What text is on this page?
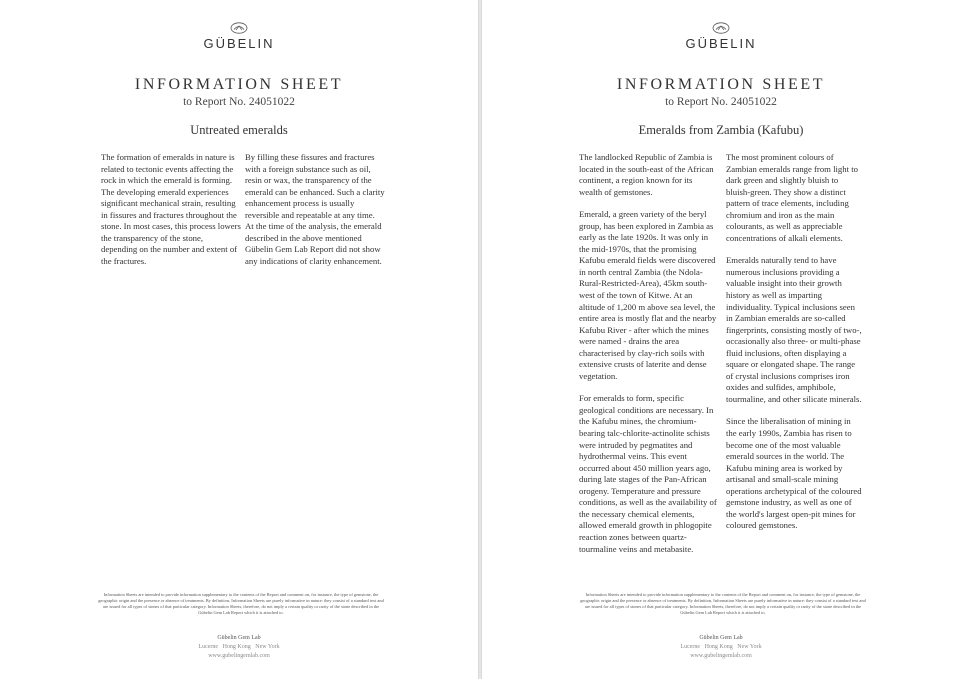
GÜBELIN
INFORMATION SHEET
to Report No. 24051022
Untreated emeralds

The formation of emeralds in nature is related to tectonic events affecting the rock in which the emerald is forming. The developing emerald experiences significant mechanical strain, resulting in fissures and fractures throughout the stone. In most cases, this process lowers the transparency of the stone, depending on the number and extent of the fractures.

By filling these fissures and fractures with a foreign substance such as oil, resin or wax, the transparency of the emerald can be enhanced. Such a clarity enhancement process is usually reversible and repeatable at any time. At the time of the analysis, the emerald described in the above mentioned Gübelin Gem Lab Report did not show any indications of clarity enhancement.

Information Sheets are intended to provide information supplementary to the contents of the Report and comment on, for instance, the type of gemstone, the geographic origin and the presence or absence of treatments. By definition, Information Sheets are purely informative in nature: they consist of a standard text and are issued for all types of stones of that particular category. Information Sheets, therefore, do not imply a certain quality or rarity of the stone described in the Gübelin Gem Lab Report which it is attached to.
Gübelin Gem Lab
Lucerne   Hong Kong   New York
www.gubelingemlab.com
GÜBELIN
INFORMATION SHEET
to Report No. 24051022
Emeralds from Zambia (Kafubu)

The landlocked Republic of Zambia is located in the south-east of the African continent, a region known for its wealth of gemstones.

Emerald, a green variety of the beryl group, has been explored in Zambia as early as the late 1920s. It was only in the mid-1970s, that the promising Kafubu emerald fields were discovered in north central Zambia (the Ndola-Rural-Restricted-Area), 45km south-west of the town of Kitwe. At an altitude of 1,200 m above sea level, the entire area is mostly flat and the nearby Kafubu River - after which the mines were named - drains the area characterised by clay-rich soils with extensive crusts of laterite and dense vegetation.

For emeralds to form, specific geological conditions are necessary. In the Kafubu mines, the chromium-bearing talc-chlorite-actinolite schists were intruded by pegmatites and hydrothermal veins. This event occurred about 450 million years ago, during late stages of the Pan-African orogeny. Temperature and pressure conditions, as well as the availability of the necessary chemical elements, allowed emerald growth in phlogopite reaction zones between quartz-tourmaline veins and metabasite.

The most prominent colours of Zambian emeralds range from light to dark green and slightly bluish to bluish-green. They show a distinct pattern of trace elements, including chromium and iron as the main colourants, as well as appreciable concentrations of alkali elements.

Emeralds naturally tend to have numerous inclusions providing a valuable insight into their growth history as well as imparting individuality. Typical inclusions seen in Zambian emeralds are so-called fingerprints, consisting mostly of two-, occasionally also three- or multi-phase fluid inclusions, often displaying a square or elongated shape. The range of crystal inclusions comprises iron oxides and sulfides, amphibole, tourmaline, and other silicate minerals.

Since the liberalisation of mining in the early 1990s, Zambia has risen to become one of the most valuable emerald sources in the world. The Kafubu mining area is worked by artisanal and small-scale mining operations archetypical of the coloured gemstone industry, as well as one of the world's largest open-pit mines for coloured gemstones.

Information Sheets are intended to provide information supplementary to the contents of the Report and comment on, for instance, the type of gemstone, the geographic origin and the presence or absence of treatments. By definition, Information Sheets are purely informative in nature: they consist of a standard text and are issued for all types of stones of that particular category. Information Sheets, therefore, do not imply a certain quality or rarity of the stone described in the Gübelin Gem Lab Report which it is attached to.
Gübelin Gem Lab
Lucerne   Hong Kong   New York
www.gubelingemlab.com
